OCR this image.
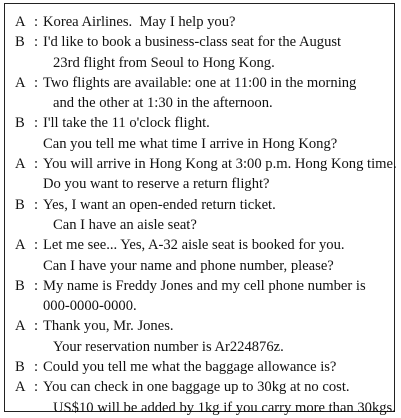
A : Korea Airlines.  May I help you?
B : I'd like to book a business-class seat for the August
23rd flight from Seoul to Hong Kong.
A : Two flights are available: one at 11:00 in the morning
and the other at 1:30 in the afternoon.
B : I'll take the 11 o'clock flight.
Can you tell me what time I arrive in Hong Kong?
A : You will arrive in Hong Kong at 3:00 p.m. Hong Kong time.
Do you want to reserve a return flight?
B : Yes, I want an open-ended return ticket.
Can I have an aisle seat?
A : Let me see... Yes, A-32 aisle seat is booked for you.
Can I have your name and phone number, please?
B : My name is Freddy Jones and my cell phone number is
000-0000-0000.
A : Thank you, Mr. Jones.
Your reservation number is Ar224876z.
B : Could you tell me what the baggage allowance is?
A : You can check in one baggage up to 30kg at no cost.
US$10 will be added by 1kg if you carry more than 30kgs.
